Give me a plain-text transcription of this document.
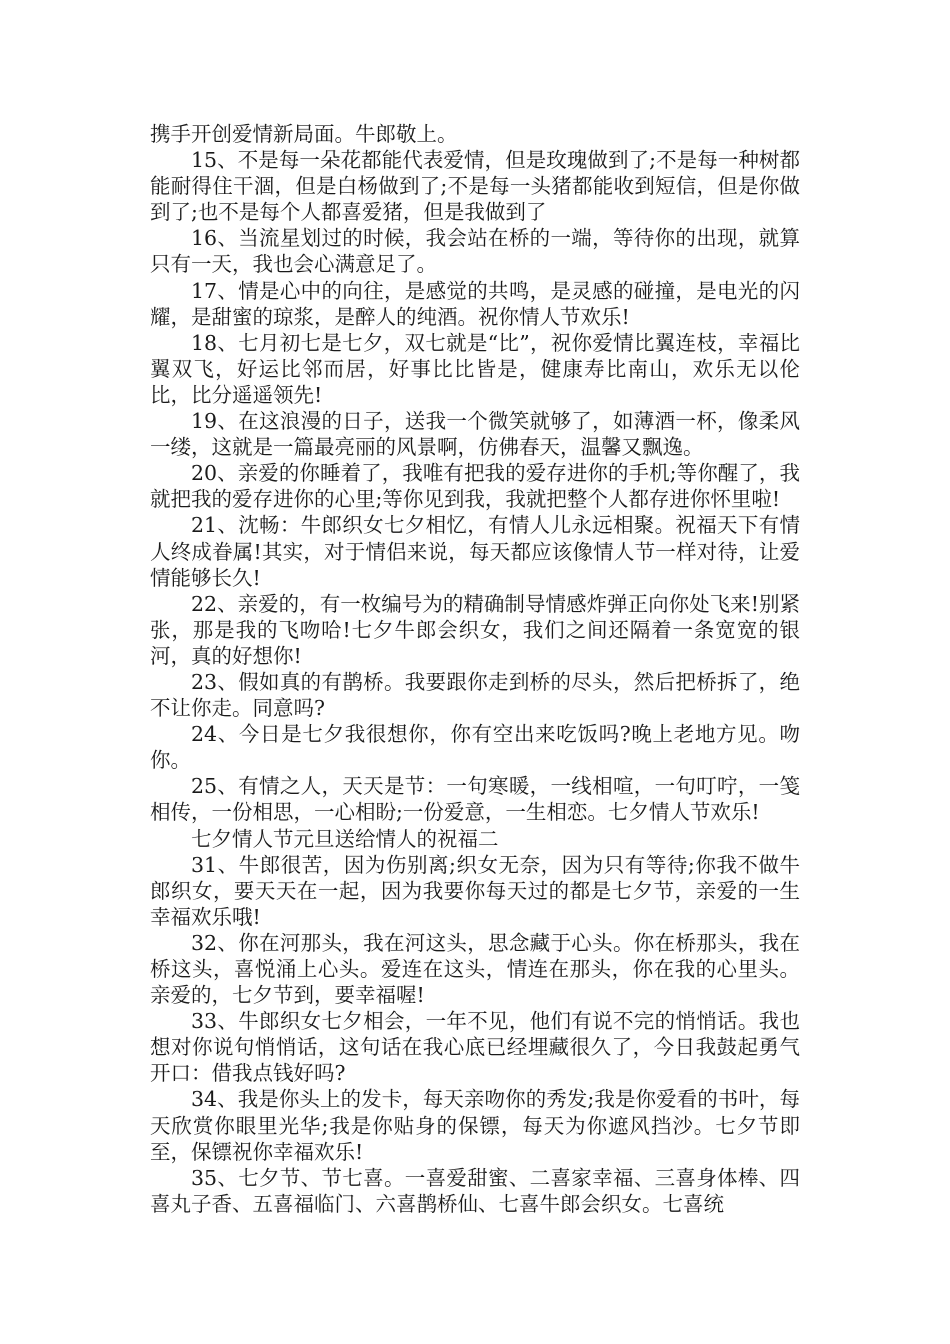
携手开创爱情新局面。牛郎敬上。

15、不是每一朵花都能代表爱情，但是玫瑰做到了;不是每一种树都能耐得住干涸，但是白杨做到了;不是每一头猪都能收到短信，但是你做到了;也不是每个人都喜爱猪，但是我做到了

16、当流星划过的时候，我会站在桥的一端，等待你的出现，就算只有一天，我也会心满意足了。

17、情是心中的向往，是感觉的共鸣，是灵感的碰撞，是电光的闪耀，是甜蜜的琼浆，是醉人的纯酒。祝你情人节欢乐!

18、七月初七是七夕，双七就是“比”，祝你爱情比翼连枝，幸福比翼双飞，好运比邻而居，好事比比皆是，健康寿比南山，欢乐无以伦比，比分遥遥领先!

19、在这浪漫的日子，送我一个微笑就够了，如薄酒一杯，像柔风一缕，这就是一篇最亮丽的风景啊，仿佛春天，温馨又飘逸。

20、亲爱的你睡着了，我唯有把我的爱存进你的手机;等你醒了，我就把我的爱存进你的心里;等你见到我，我就把整个人都存进你怀里啦!

21、沈畅：牛郎织女七夕相忆，有情人儿永远相聚。祝福天下有情人终成眷属!其实，对于情侣来说，每天都应该像情人节一样对待，让爱情能够长久!

22、亲爱的，有一枚编号为的精确制导情感炸弹正向你处飞来!别紧张，那是我的飞吻哈!七夕牛郎会织女，我们之间还隔着一条宽宽的银河，真的好想你!

23、假如真的有鹊桥。我要跟你走到桥的尽头，然后把桥拆了，绝不让你走。同意吗?

24、今日是七夕我很想你，你有空出来吃饭吗?晚上老地方见。吻你。

25、有情之人，天天是节：一句寒暖，一线相喧，一句叮咛，一笺相传，一份相思，一心相盼;一份爱意，一生相恋。七夕情人节欢乐!

七夕情人节元旦送给情人的祝福二

31、牛郎很苦，因为伤别离;织女无奈，因为只有等待;你我不做牛郎织女，要天天在一起，因为我要你每天过的都是七夕节，亲爱的一生幸福欢乐哦!

32、你在河那头，我在河这头，思念藏于心头。你在桥那头，我在桥这头，喜悦涌上心头。爱连在这头，情连在那头，你在我的心里头。亲爱的，七夕节到，要幸福喔!

33、牛郎织女七夕相会，一年不见，他们有说不完的悄悄话。我也想对你说句悄悄话，这句话在我心底已经埋藏很久了，今日我鼓起勇气开口：借我点钱好吗?

34、我是你头上的发卡，每天亲吻你的秀发;我是你爱看的书叶，每天欣赏你眼里光华;我是你贴身的保镖，每天为你遮风挡沙。七夕节即至，保镖祝你幸福欢乐!

35、七夕节、节七喜。一喜爱甜蜜、二喜家幸福、三喜身体棒、四喜丸子香、五喜福临门、六喜鹊桥仙、七喜牛郎会织女。七喜统
